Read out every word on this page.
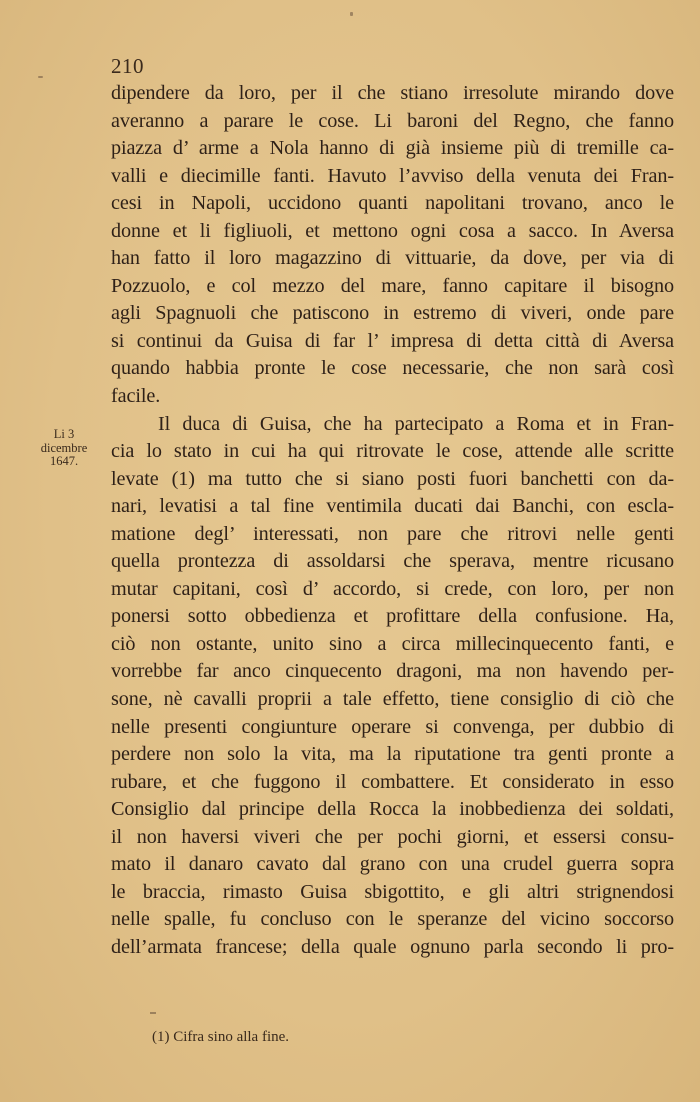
210
Li 3
dicembre
1647.
dipendere da loro, per il che stiano irresolute mirando dove
averanno a parare le cose. Li baroni del Regno, che fanno
piazza d’ arme a Nola hanno di già insieme più di tremille ca-
valli e diecimille fanti. Havuto l’avviso della venuta dei Fran-
cesi in Napoli, uccidono quanti napolitani trovano, anco le
donne et li figliuoli, et mettono ogni cosa a sacco. In Aversa
han fatto il loro magazzino di vittuarie, da dove, per via di
Pozzuolo, e col mezzo del mare, fanno capitare il bisogno
agli Spagnuoli che patiscono in estremo di viveri, onde pare
si continui da Guisa di far l’ impresa di detta città di Aversa
quando habbia pronte le cose necessarie, che non sarà così
facile.
Il duca di Guisa, che ha partecipato a Roma et in Fran-
cia lo stato in cui ha qui ritrovate le cose, attende alle scritte
levate (1) ma tutto che si siano posti fuori banchetti con da-
nari, levatisi a tal fine ventimila ducati dai Banchi, con escla-
matione degl’ interessati, non pare che ritrovi nelle genti
quella prontezza di assoldarsi che sperava, mentre ricusano
mutar capitani, così d’ accordo, si crede, con loro, per non
ponersi sotto obbedienza et profittare della confusione. Ha,
ciò non ostante, unito sino a circa millecinquecento fanti, e
vorrebbe far anco cinquecento dragoni, ma non havendo per-
sone, nè cavalli proprii a tale effetto, tiene consiglio di ciò che
nelle presenti congiunture operare si convenga, per dubbio di
perdere non solo la vita, ma la riputatione tra genti pronte a
rubare, et che fuggono il combattere. Et considerato in esso
Consiglio dal principe della Rocca la inobbedienza dei soldati,
il non haversi viveri che per pochi giorni, et essersi consu-
mato il danaro cavato dal grano con una crudel guerra sopra
le braccia, rimasto Guisa sbigottito, e gli altri strignendosi
nelle spalle, fu concluso con le speranze del vicino soccorso
dell’armata francese; della quale ognuno parla secondo li pro-
(1) Cifra sino alla fine.
